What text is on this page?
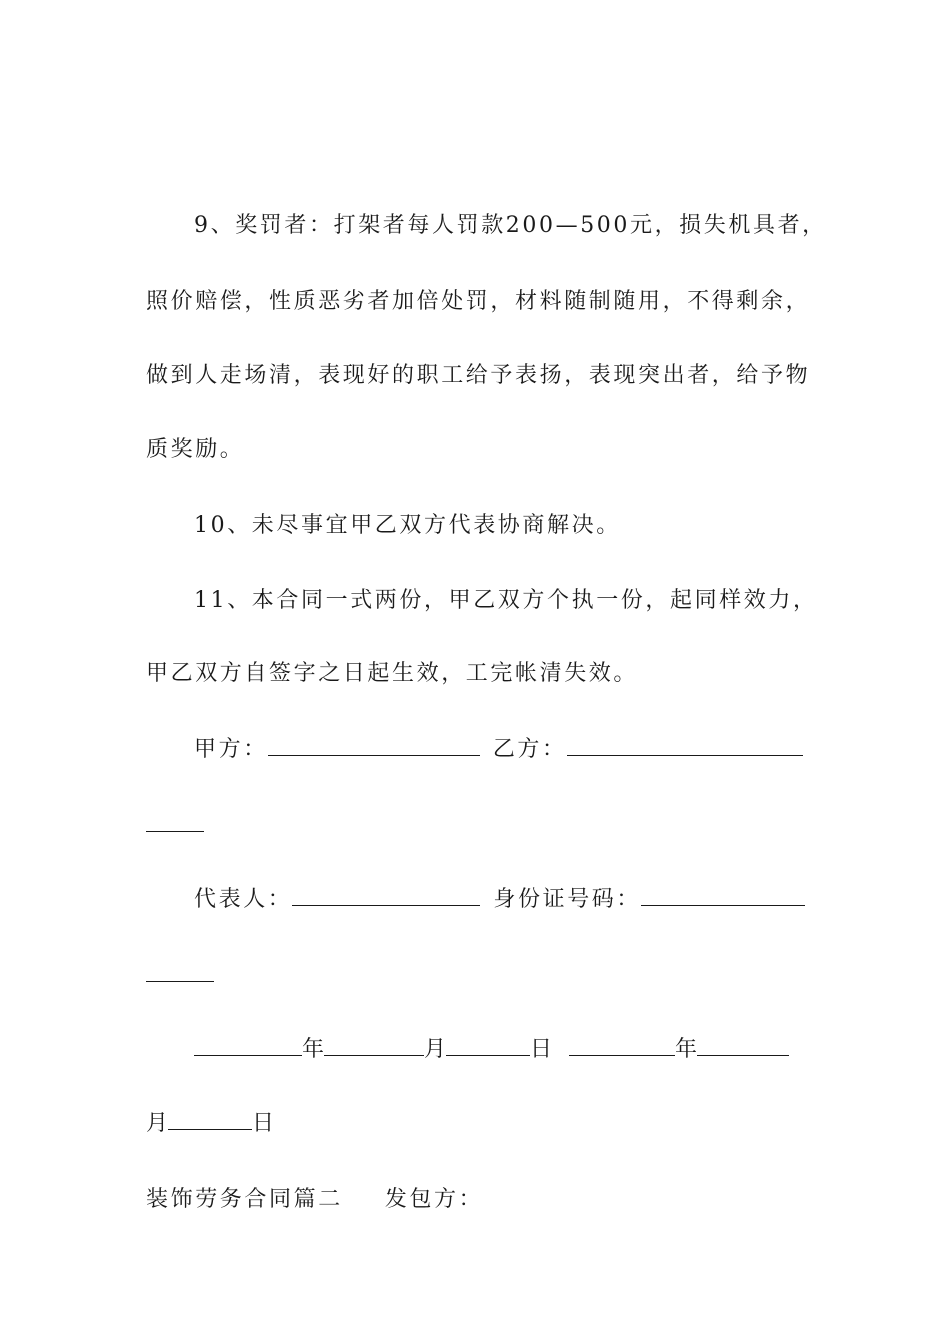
9、奖罚者：打架者每人罚款200—500元，损失机具者，
照价赔偿，性质恶劣者加倍处罚，材料随制随用，不得剩余，
做到人走场清，表现好的职工给予表扬，表现突出者，给予物
质奖励。
10、未尽事宜甲乙双方代表协商解决。
11、本合同一式两份，甲乙双方个执一份，起同样效力，
甲乙双方自签字之日起生效，工完帐清失效。
甲方：	乙方：
代表人：	身份证号码：
年	月	日	年
月	日
装饰劳务合同篇二 发包方：
